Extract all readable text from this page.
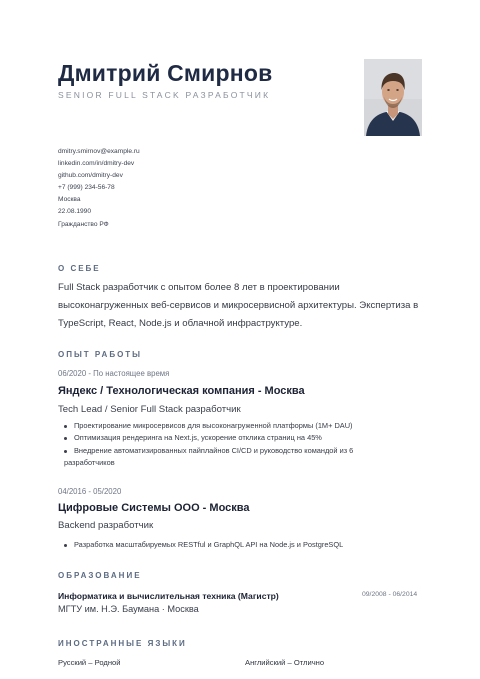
Дмитрий Смирнов
SENIOR FULL STACK РАЗРАБОТЧИК
dmitry.smirnov@example.ru
linkedin.com/in/dmitry-dev
github.com/dmitry-dev
+7 (999) 234-56-78
Москва
22.08.1990
Гражданство РФ
О СЕБЕ
Full Stack разработчик с опытом более 8 лет в проектировании высоконагруженных веб-сервисов и микросервисной архитектуры. Экспертиза в TypeScript, React, Node.js и облачной инфраструктуре.
ОПЫТ РАБОТЫ
06/2020 - По настоящее время
Яндекс / Технологическая компания - Москва
Tech Lead / Senior Full Stack разработчик
Проектирование микросервисов для высоконагруженной платформы (1M+ DAU)
Оптимизация рендеринга на Next.js, ускорение отклика страниц на 45%
Внедрение автоматизированных пайплайнов CI/CD и руководство командой из 6
разработчиков
04/2016 - 05/2020
Цифровые Системы ООО - Москва
Backend разработчик
Разработка масштабируемых RESTful и GraphQL API на Node.js и PostgreSQL
ОБРАЗОВАНИЕ
Информатика и вычислительная техника (Магистр)	09/2008 - 06/2014
МГТУ им. Н.Э. Баумана · Москва
ИНОСТРАННЫЕ ЯЗЫКИ
Русский – Родной	Английский – Отлично
